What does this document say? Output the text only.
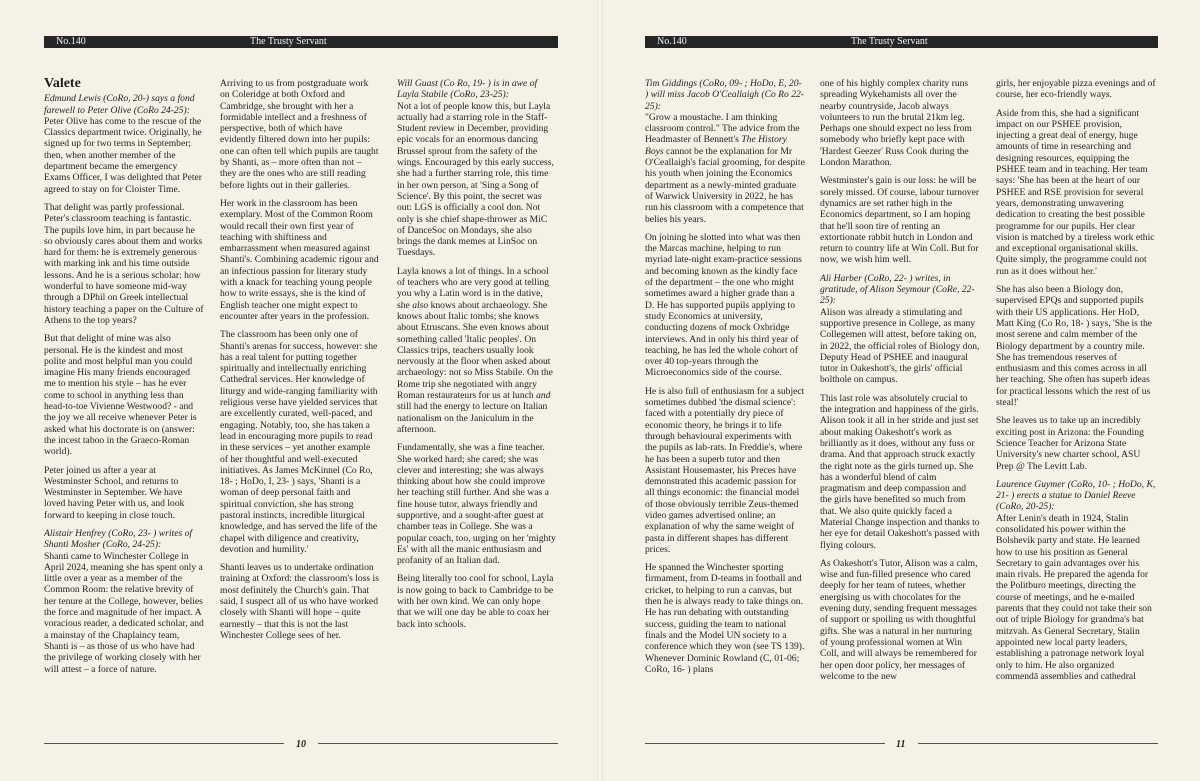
No.140	The Trusty Servant
Valete

Edmund Lewis (CoRo, 20-) says a fond farewell to Peter Olive (CoRo 24-25):

Peter Olive has come to the rescue of the Classics department twice. Originally, he signed up for two terms in September; then, when another member of the department became the emergency Exams Officer, I was delighted that Peter agreed to stay on for Cloister Time.

That delight was partly professional. Peter's classroom teaching is fantastic. The pupils love him, in part because he so obviously cares about them and works hard for them: he is extremely generous with marking ink and his time outside lessons. And he is a serious scholar: how wonderful to have someone mid-way through a DPhil on Greek intellectual history teaching a paper on the Culture of Athens to the top years?

But that delight of mine was also personal. He is the kindest and most polite and most helpful man you could imagine His many friends encouraged me to mention his style – has he ever come to school in anything less than head-to-toe Vivienne Westwood? - and the joy we all receive whenever Peter is asked what his doctorate is on (answer: the incest taboo in the Graeco-Roman world).

Peter joined us after a year at Westminster School, and returns to Westminster in September. We have loved having Peter with us, and look forward to keeping in close touch.

Alistair Henfrey (CoRo, 23- ) writes of Shanti Mosher (CoRo, 24-25):

Shanti came to Winchester College in April 2024, meaning she has spent only a little over a year as a member of the Common Room: the relative brevity of her tenure at the College, however, belies the force and magnitude of her impact. A voracious reader, a dedicated scholar, and a mainstay of the Chaplaincy team, Shanti is – as those of us who have had the privilege of working closely with her will attest – a force of nature.

Arriving to us from postgraduate work on Coleridge at both Oxford and Cambridge, she brought with her a formidable intellect and a freshness of perspective, both of which have evidently filtered down into her pupils: one can often tell which pupils are taught by Shanti, as – more often than not – they are the ones who are still reading before lights out in their galleries.

Her work in the classroom has been exemplary. Most of the Common Room would recall their own first year of teaching with shiftiness and embarrassment when measured against Shanti's. Combining academic rigour and an infectious passion for literary study with a knack for teaching young people how to write essays, she is the kind of English teacher one might expect to encounter after years in the profession.

The classroom has been only one of Shanti's arenas for success, however: she has a real talent for putting together spiritually and intellectually enriching Cathedral services. Her knowledge of liturgy and wide-ranging familiarity with religious verse have yielded services that are excellently curated, well-paced, and engaging. Notably, too, she has taken a lead in encouraging more pupils to read in these services – yet another example of her thoughtful and well-executed initiatives. As James McKinnel (Co Ro, 18- ; HoDo, I, 23- ) says, 'Shanti is a woman of deep personal faith and spiritual conviction, she has strong pastoral instincts, incredible liturgical knowledge, and has served the life of the chapel with diligence and creativity, devotion and humility.'

Shanti leaves us to undertake ordination training at Oxford: the classroom's loss is most definitely the Church's gain. That said, I suspect all of us who have worked closely with Shanti will hope – quite earnestly – that this is not the last Winchester College sees of her.

Will Guast (Co Ro, 19- ) is in awe of Layla Stabile (CoRo, 23-25):

Not a lot of people know this, but Layla actually had a starring role in the Staff-Student review in December, providing epic vocals for an enormous dancing Brussel sprout from the safety of the wings. Encouraged by this early success, she had a further starring role, this time in her own person, at 'Sing a Song of Science'. By this point, the secret was out: LGS is officially a cool don. Not only is she chief shape-thrower as MiC of DanceSoc on Mondays, she also brings the dank memes at LinSoc on Tuesdays.

Layla knows a lot of things. In a school of teachers who are very good at telling you why a Latin word is in the dative, she also knows about archaeology. She knows about Italic tombs; she knows about Etruscans. She even knows about something called 'Italic peoples'. On Classics trips, teachers usually look nervously at the floor when asked about archaeology: not so Miss Stabile. On the Rome trip she negotiated with angry Roman restaurateurs for us at lunch and still had the energy to lecture on Italian nationalism on the Janiculum in the afternoon.

Fundamentally, she was a fine teacher. She worked hard; she cared; she was clever and interesting; she was always thinking about how she could improve her teaching still further. And she was a fine house tutor, always friendly and supportive, and a sought-after guest at chamber teas in College. She was a popular coach, too, urging on her 'mighty Es' with all the manic enthusiasm and profanity of an Italian dad.

Being literally too cool for school, Layla is now going to back to Cambridge to be with her own kind. We can only hope that we will one day be able to coax her back into schools.

10
No.140	The Trusty Servant

Tim Giddings (CoRo, 09- ; HoDo, E, 20- ) will miss Jacob O'Ceallaigh (Co Ro 22-25):

"Grow a moustache. I am thinking classroom control." The advice from the Headmaster of Bennett's The History Boys cannot be the explanation for Mr O'Ceallaigh's facial grooming, for despite his youth when joining the Economics department as a newly-minted graduate of Warwick University in 2022, he has run his classroom with a competence that belies his years.

On joining he slotted into what was then the Marcas machine, helping to run myriad late-night exam-practice sessions and becoming known as the kindly face of the department – the one who might sometimes award a higher grade than a D. He has supported pupils applying to study Economics at university, conducting dozens of mock Oxbridge interviews. And in only his third year of teaching, he has led the whole cohort of over 40 top-years through the Microeconomics side of the course.

He is also full of enthusiasm for a subject sometimes dubbed 'the dismal science': faced with a potentially dry piece of economic theory, he brings it to life through behavioural experiments with the pupils as lab-rats. In Freddie's, where he has been a superb tutor and then Assistant Housemaster, his Preces have demonstrated this academic passion for all things economic: the financial model of those obviously terrible Zeus-themed video games advertised online; an explanation of why the same weight of pasta in different shapes has different prices.

He spanned the Winchester sporting firmament, from D-teams in football and cricket, to helping to run a canvas, but then he is always ready to take things on. He has run debating with outstanding success, guiding the team to national finals and the Model UN society to a conference which they won (see TS 139). Whenever Dominic Rowland (C, 01-06; CoRo, 16- ) plans

one of his highly complex charity runs spreading Wykehamists all over the nearby countryside, Jacob always volunteers to run the brutal 21km leg. Perhaps one should expect no less from somebody who briefly kept pace with 'Hardest Geezer' Russ Cook during the London Marathon.

Westminster's gain is our loss: he will be sorely missed. Of course, labour turnover dynamics are set rather high in the Economics department, so I am hoping that he'll soon tire of renting an extortionate rabbit hutch in London and return to country life at Win Coll. But for now, we wish him well.

Ali Harber (CoRo, 22- ) writes, in gratitude, of Alison Seymour (CoRe, 22-25):

Alison was already a stimulating and supportive presence in College, as many Collegemen will attest, before taking on, in 2022, the official roles of Biology don, Deputy Head of PSHEE and inaugural tutor in Oakeshott's, the girls' official bolthole on campus.

This last role was absolutely crucial to the integration and happiness of the girls. Alison took it all in her stride and just set about making Oakeshott's work as brilliantly as it does, without any fuss or drama. And that approach struck exactly the right note as the girls turned up. She has a wonderful blend of calm pragmatism and deep compassion and the girls have benefited so much from that. We also quite quickly faced a Material Change inspection and thanks to her eye for detail Oakeshott's passed with flying colours.

As Oakeshott's Tutor, Alison was a calm, wise and fun-filled presence who cared deeply for her team of tutees, whether energising us with chocolates for the evening duty, sending frequent messages of support or spoiling us with thoughtful gifts. She was a natural in her nurturing of young professional women at Win Coll, and will always be remembered for her open door policy, her messages of welcome to the new

girls, her enjoyable pizza evenings and of course, her eco-friendly ways.

Aside from this, she had a significant impact on our PSHEE provision, injecting a great deal of energy, huge amounts of time in researching and designing resources, equipping the PSHEE team and in teaching. Her team says: 'She has been at the heart of our PSHEE and RSE provision for several years, demonstrating unwavering dedication to creating the best possible programme for our pupils. Her clear vision is matched by a tireless work ethic and exceptional organisational skills. Quite simply, the programme could not run as it does without her.'

She has also been a Biology don, supervised EPQs and supported pupils with their US applications. Her HoD, Matt King (Co Ro, 18- ) says, 'She is the most serene and calm member of the Biology department by a country mile. She has tremendous reserves of enthusiasm and this comes across in all her teaching. She often has superb ideas for practical lessons which the rest of us steal!'

She leaves us to take up an incredibly exciting post in Arizona: the Founding Science Teacher for Arizona State University's new charter school, ASU Prep @ The Levitt Lab.

Laurence Guymer (CoRo, 10- ; HoDo, K, 21- ) erects a statue to Daniel Reeve (CoRo, 20-25):

After Lenin's death in 1924, Stalin consolidated his power within the Bolshevik party and state. He learned how to use his position as General Secretary to gain advantages over his main rivals. He prepared the agenda for the Politburo meetings, directing the course of meetings, and he e-mailed parents that they could not take their son out of triple Biology for grandma's bat mitzvah. As General Secretary, Stalin appointed new local party leaders, establishing a patronage network loyal only to him. He also organized commendā assemblies and cathedral

11
